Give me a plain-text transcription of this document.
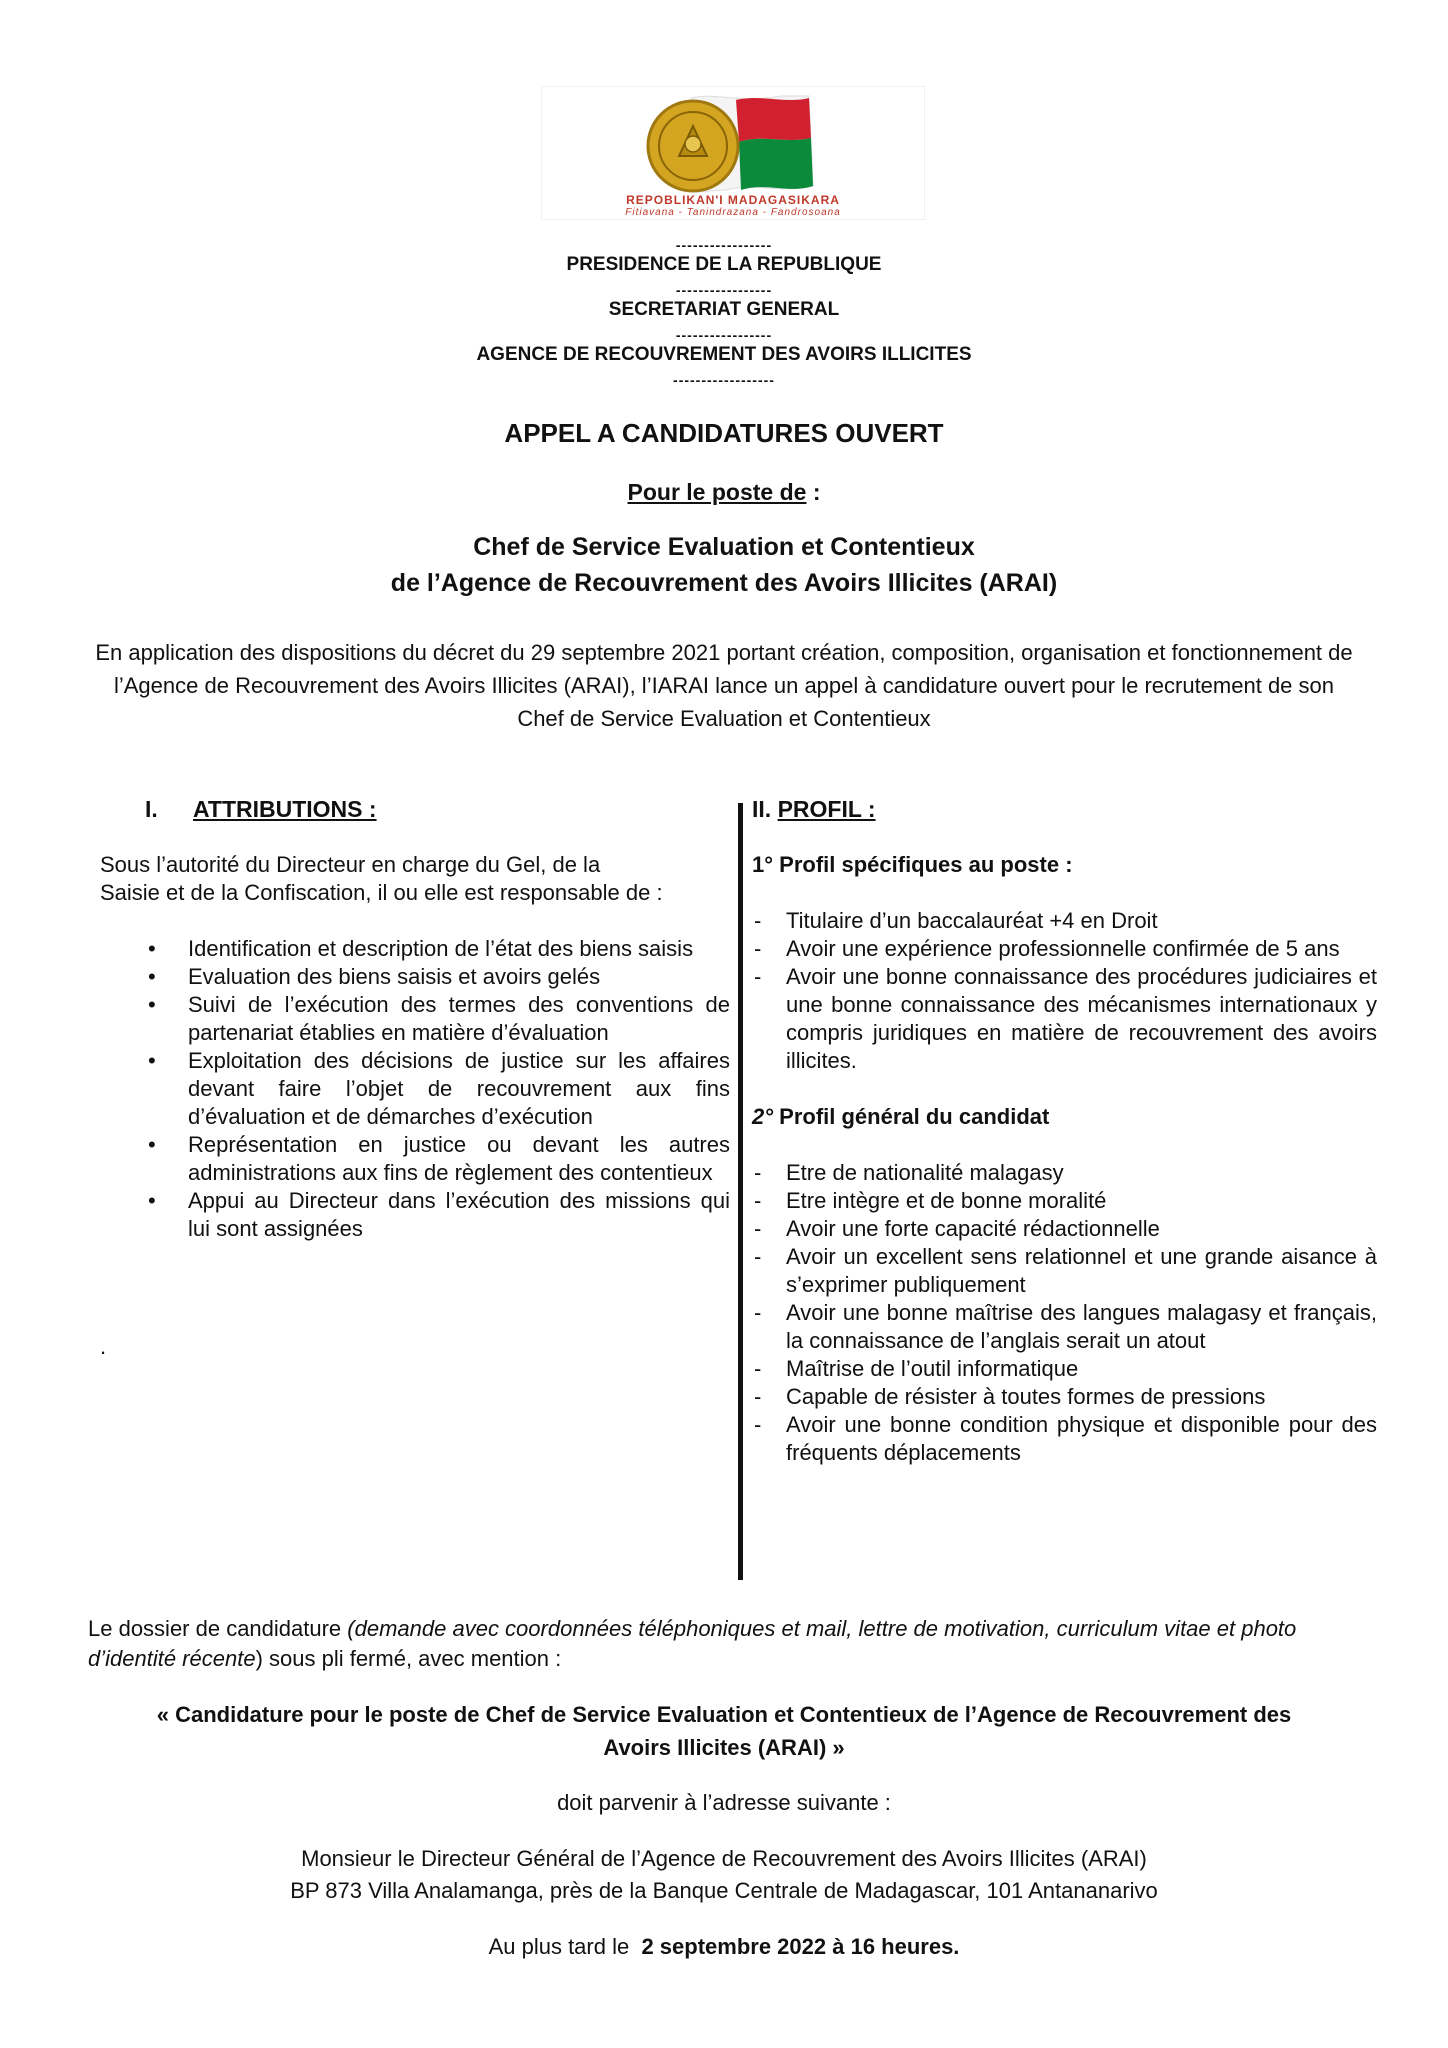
REPOBLIKAN'I MADAGASIKARA
Fitiavana - Tanindrazana - Fandrosoana
-----------------
PRESIDENCE DE LA REPUBLIQUE
-----------------
SECRETARIAT GENERAL
-----------------
AGENCE DE RECOUVREMENT DES AVOIRS ILLICITES
------------------
APPEL A CANDIDATURES OUVERT
Pour le poste de :
Chef de Service Evaluation et Contentieux
de l’Agence de Recouvrement des Avoirs Illicites (ARAI)
En application des dispositions du décret du 29 septembre 2021 portant création, composition, organisation et fonctionnement de l’Agence de Recouvrement des Avoirs Illicites (ARAI), l’IARAI lance un appel à candidature ouvert pour le recrutement de son Chef de Service Evaluation et Contentieux
I. ATTRIBUTIONS :
Sous l’autorité du Directeur en charge du Gel, de la
Saisie et de la Confiscation, il ou elle est responsable de :
• Identification et description de l’état des biens saisis
• Evaluation des biens saisis et avoirs gelés
• Suivi de l’exécution des termes des conventions de partenariat établies en matière d’évaluation
• Exploitation des décisions de justice sur les affaires devant faire l’objet de recouvrement aux fins d’évaluation et de démarches d’exécution
• Représentation en justice ou devant les autres administrations aux fins de règlement des contentieux
• Appui au Directeur dans l’exécution des missions qui lui sont assignées
.
II. PROFIL :
1° Profil spécifiques au poste :
- Titulaire d’un baccalauréat +4 en Droit
- Avoir une expérience professionnelle confirmée de 5 ans
- Avoir une bonne connaissance des procédures judiciaires et une bonne connaissance des mécanismes internationaux y compris juridiques en matière de recouvrement des avoirs illicites.
2° Profil général du candidat
- Etre de nationalité malagasy
- Etre intègre et de bonne moralité
- Avoir une forte capacité rédactionnelle
- Avoir un excellent sens relationnel et une grande aisance à s’exprimer publiquement
- Avoir une bonne maîtrise des langues malagasy et français, la connaissance de l’anglais serait un atout
- Maîtrise de l’outil informatique
- Capable de résister à toutes formes de pressions
- Avoir une bonne condition physique et disponible pour des fréquents déplacements
Le dossier de candidature (demande avec coordonnées téléphoniques et mail, lettre de motivation, curriculum vitae et photo d’identité récente) sous pli fermé, avec mention :
« Candidature pour le poste de Chef de Service Evaluation et Contentieux de l’Agence de Recouvrement des
Avoirs Illicites (ARAI) »
doit parvenir à l’adresse suivante :
Monsieur le Directeur Général de l’Agence de Recouvrement des Avoirs Illicites (ARAI)
BP 873 Villa Analamanga, près de la Banque Centrale de Madagascar, 101 Antananarivo
Au plus tard le  2 septembre 2022 à 16 heures.
